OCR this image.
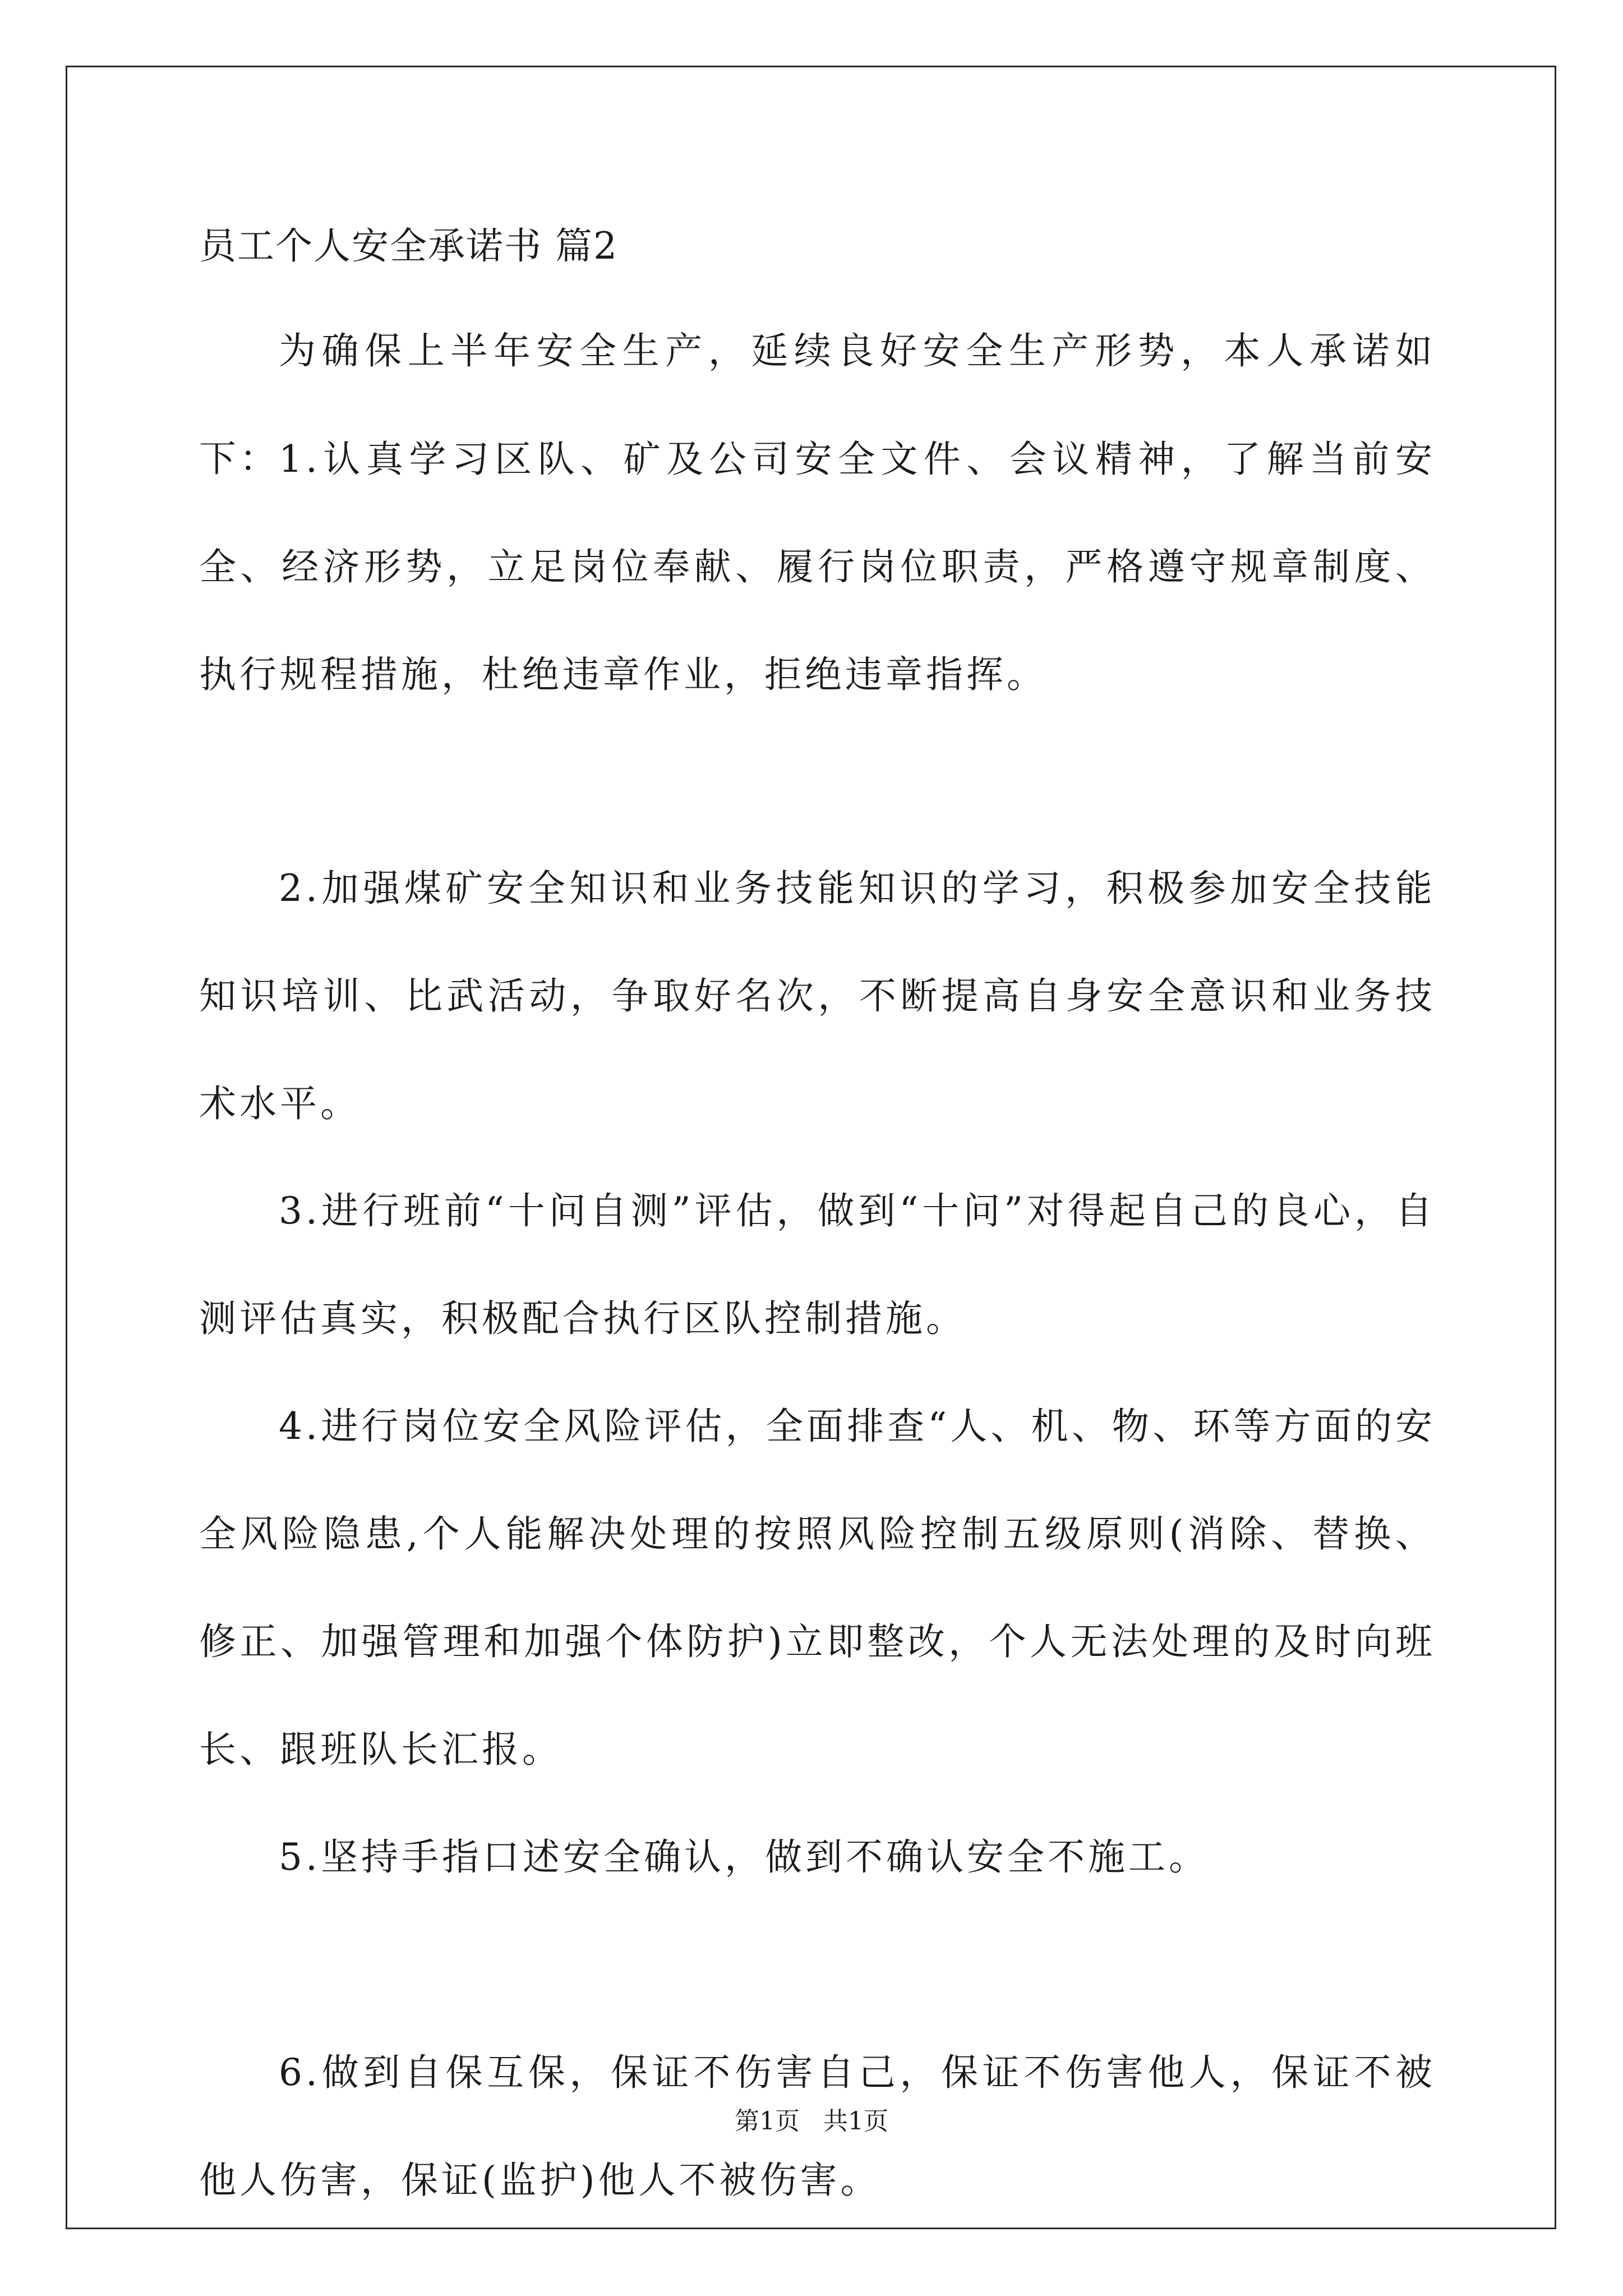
员工个人安全承诺书 篇2

为确保上半年安全生产，延续良好安全生产形势，本人承诺如下：

1.认真学习区队、矿及公司安全文件、会议精神，了解当前安全、经济形势，立足岗位奉献、履行岗位职责，严格遵守规章制度、执行规程措施，杜绝违章作业，拒绝违章指挥。

2.加强煤矿安全知识和业务技能知识的学习，积极参加安全技能知识培训、比武活动，争取好名次，不断提高自身安全意识和业务技术水平。

3.进行班前“十问自测”评估，做到“十问”对得起自己的良心，自测评估真实，积极配合执行区队控制措施。

4.进行岗位安全风险评估，全面排查“人、机、物、环等方面的安全风险隐患,个人能解决处理的按照风险控制五级原则(消除、替换、修正、加强管理和加强个体防护)立即整改，个人无法处理的及时向班长、跟班队长汇报。

5.坚持手指口述安全确认，做到不确认安全不施工。

6.做到自保互保，保证不伤害自己，保证不伤害他人，保证不被他人伤害，保证(监护)他人不被伤害。

第1页   共1页
